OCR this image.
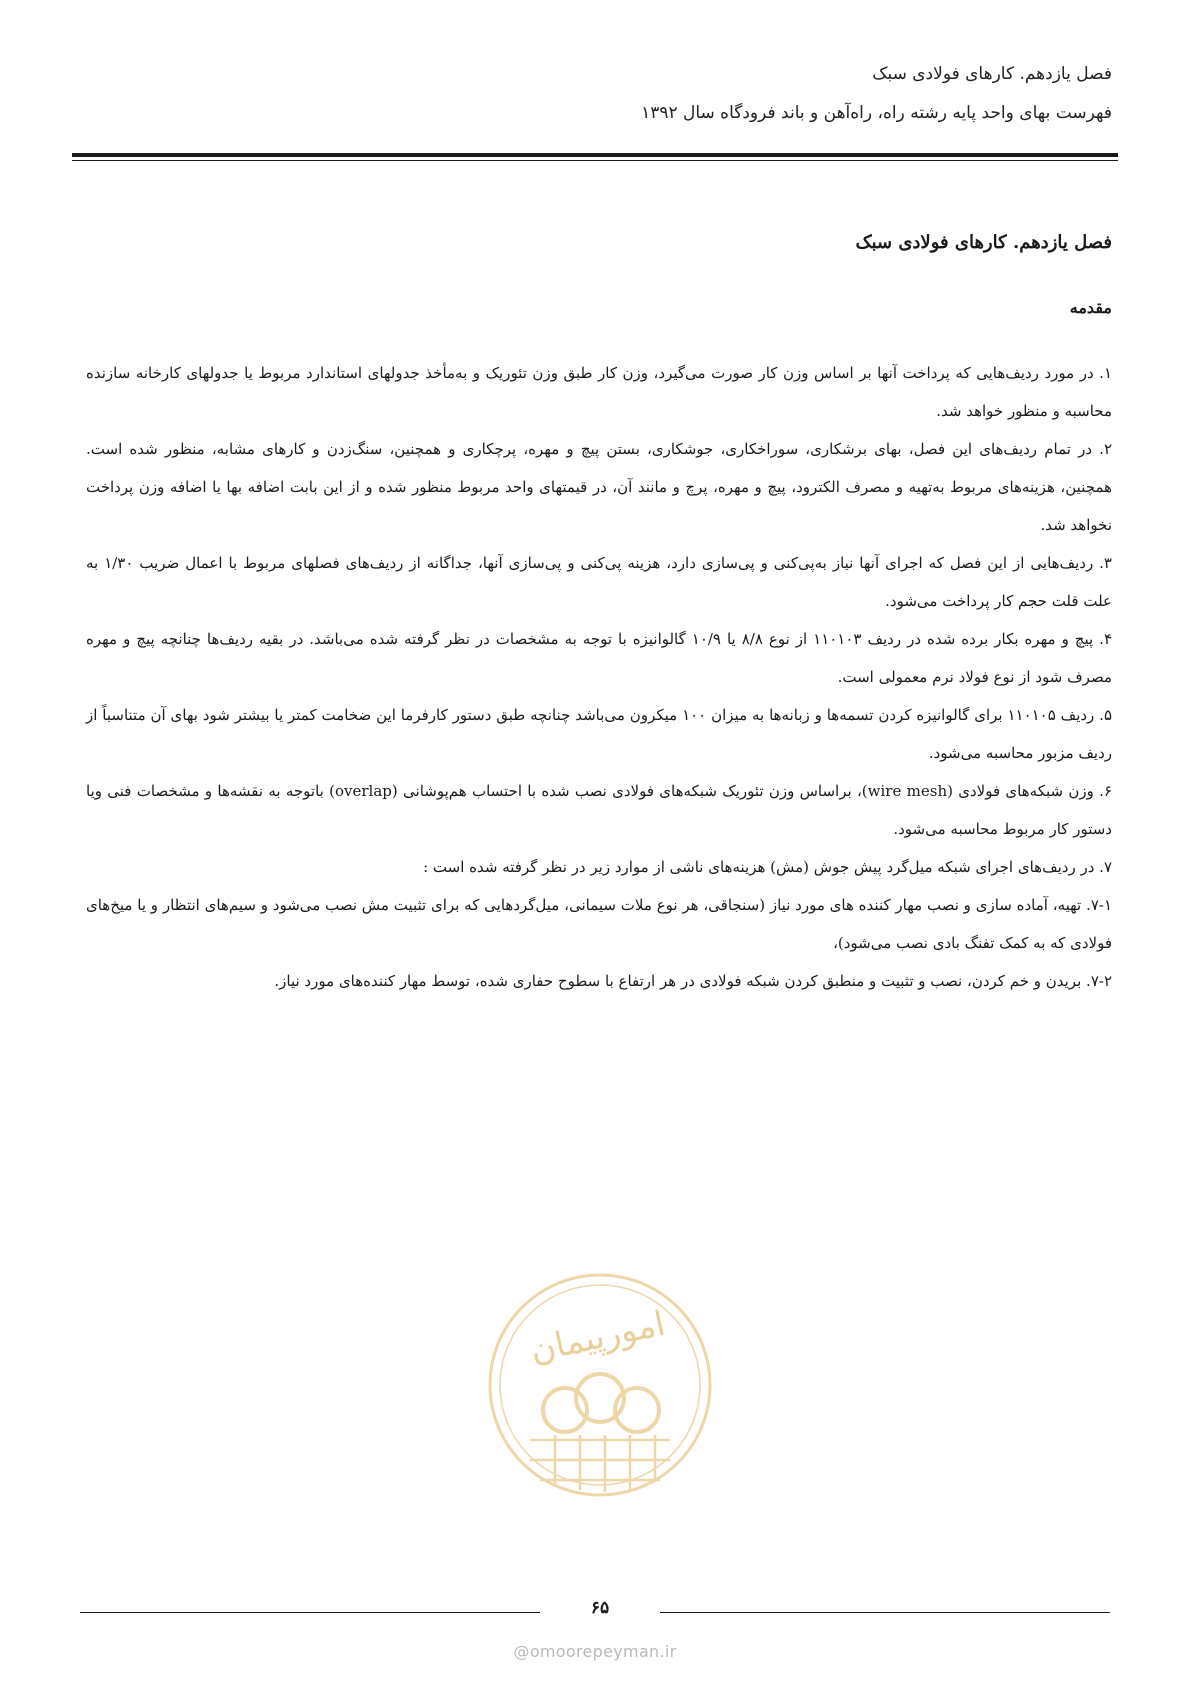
فصل یازدهم. کارهای فولادی سبک
فهرست بهای واحد پایه رشته راه، راه‌آهن و باند فرودگاه سال ۱۳۹۲
فصل یازدهم. کارهای فولادی سبک
مقدمه

۱. در مورد ردیف‌هایی که پرداخت آنها بر اساس وزن کار صورت می‌گیرد، وزن کار طبق وزن تئوریک و به‌مأخذ جدولهای استاندارد مربوط یا جدولهای کارخانه سازنده محاسبه و منظور خواهد شد.

۲. در تمام ردیف‌های این فصل، بهای برشکاری، سوراخکاری، جوشکاری، بستن پیچ و مهره، پرچکاری و همچنین، سنگ‌زدن و کارهای مشابه، منظور شده است. همچنین، هزینه‌های مربوط به‌تهیه و مصرف الکترود، پیچ و مهره، پرچ و مانند آن، در قیمتهای واحد مربوط منظور شده و از این بابت اضافه بها یا اضافه وزن پرداخت نخواهد شد.

۳. ردیف‌هایی از این فصل که اجرای آنها نیاز به‌پی‌کنی و پی‌سازی دارد، هزینه پی‌کنی و پی‌سازی آنها، جداگانه از ردیف‌های فصلهای مربوط با اعمال ضریب ۱/۳۰ به علت قلت حجم کار پرداخت می‌شود.

۴. پیچ و مهره بکار برده شده در ردیف ۱۱۰۱۰۳ از نوع ۸/۸ یا ۱۰/۹ گالوانیزه با توجه به مشخصات در نظر گرفته شده می‌باشد. در بقیه ردیف‌ها چنانچه پیچ و مهره مصرف شود از نوع فولاد نرم معمولی است.

۵. ردیف ۱۱۰۱۰۵ برای گالوانیزه کردن تسمه‌ها و زبانه‌ها به میزان ۱۰۰ میکرون می‌باشد چنانچه طبق دستور کارفرما این ضخامت کمتر یا بیشتر شود بهای آن متناسباً از ردیف مزبور محاسبه می‌شود.

۶. وزن شبکه‌های فولادی (wire mesh)، براساس وزن تئوریک شبکه‌های فولادی نصب شده با احتساب هم‌پوشانی (overlap) باتوجه به نقشه‌ها و مشخصات فنی ویا دستور کار مربوط محاسبه می‌شود.

۷. در ردیف‌های اجرای شبکه میل‌گرد پیش جوش (مش) هزینه‌های ناشی از موارد زیر در نظر گرفته شده است :

۷-۱. تهیه، آماده سازی و نصب مهار کننده های مورد نیاز (سنجاقی، هر نوع ملات سیمانی، میل‌گردهایی که برای تثبیت مش نصب می‌شود و سیم‌های انتظار و یا میخ‌های فولادی که به کمک تفنگ بادی نصب می‌شود)،

۷-۲. بریدن و خم کردن، نصب و تثبیت و منطبق کردن شبکه فولادی در هر ارتفاع با سطوح حفاری شده، توسط مهار کننده‌های مورد نیاز.

امورپیمان
۶۵
@omoorepeyman.ir
